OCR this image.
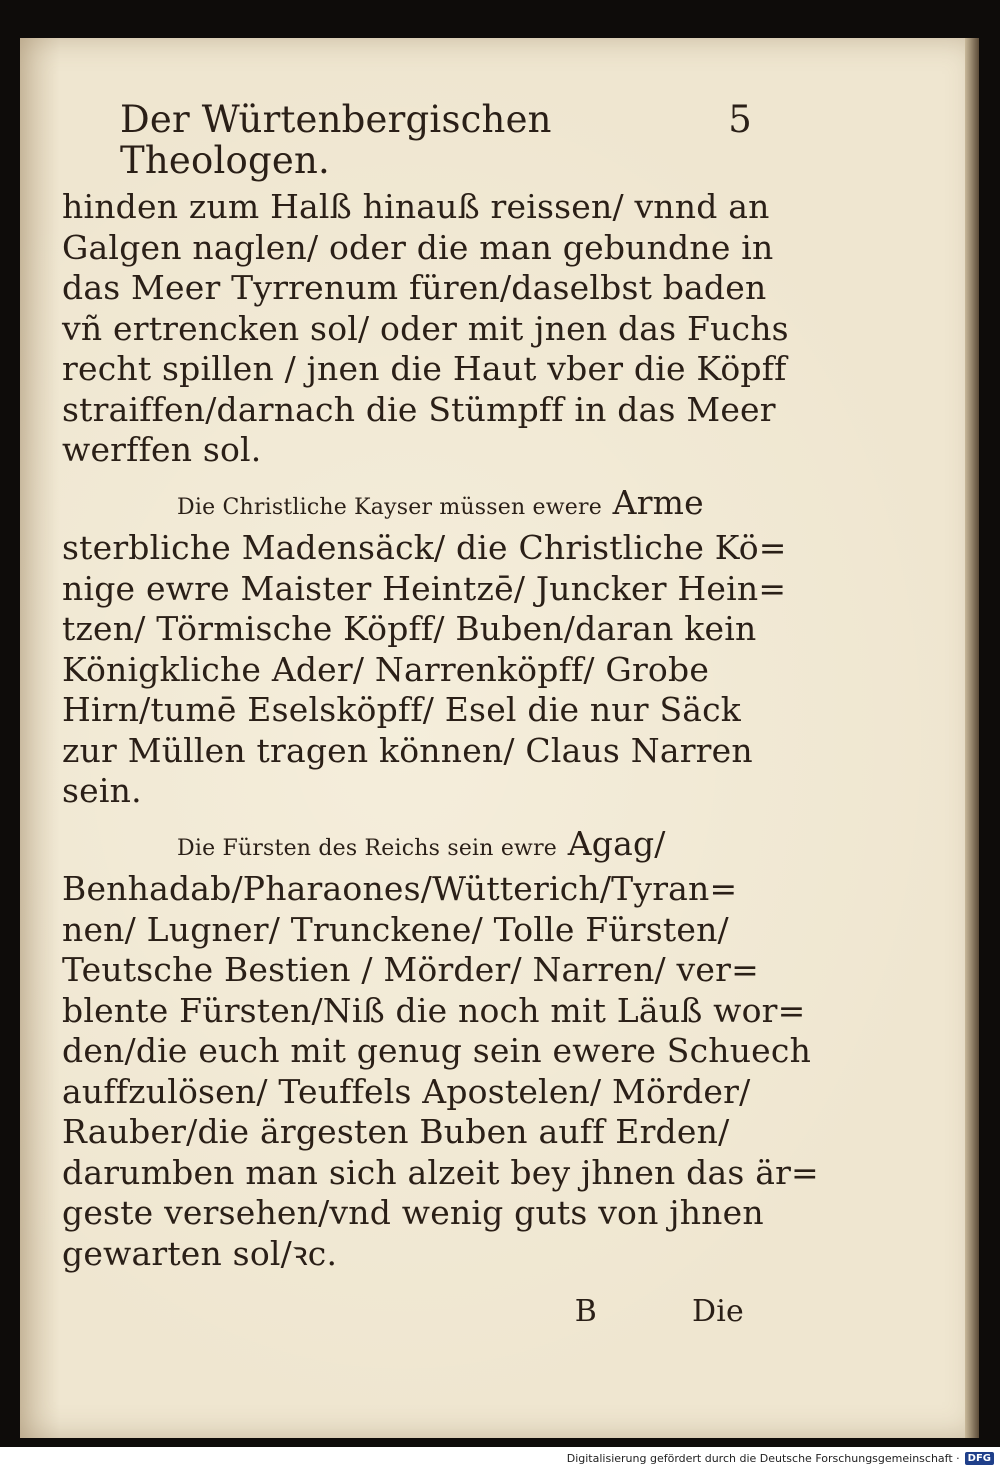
Der Würtenbergischen Theologen.
5
hinden zum Halß hinauß reissen/ vnnd an
Galgen naglen/ oder die man gebundne in
das Meer Tyrrenum füren/daselbst baden
vñ ertrencken sol/ oder mit jnen das Fuchs
recht spillen / jnen die Haut vber die Köpff
straiffen/darnach die Stümpff in das Meer
werffen sol.
Die Christliche Kayser müssen ewere Arme
sterbliche Madensäck/ die Christliche Kö=
nige ewre Maister Heintzē/ Juncker Hein=
tzen/ Törmische Köpff/ Buben/daran kein
Königkliche Ader/ Narrenköpff/ Grobe
Hirn/tumē Eselsköpff/ Esel die nur Säck
zur Müllen tragen können/ Claus Narren
sein.
Die Fürsten des Reichs sein ewre Agag/
Benhadab/Pharaones/Wütterich/Tyran=
nen/ Lugner/ Trunckene/ Tolle Fürsten/
Teutsche Bestien / Mörder/ Narren/ ver=
blente Fürsten/Niß die noch mit Läuß wor=
den/die euch mit genug sein ewere Schuech
auffzulösen/ Teuffels Apostelen/ Mörder/
Rauber/die ärgesten Buben auff Erden/
darumben man sich alzeit bey jhnen das är=
geste versehen/vnd wenig guts von jhnen
gewarten sol/ꝛc.
B	Die
Digitalisierung gefördert durch die Deutsche Forschungsgemeinschaft · DFG
